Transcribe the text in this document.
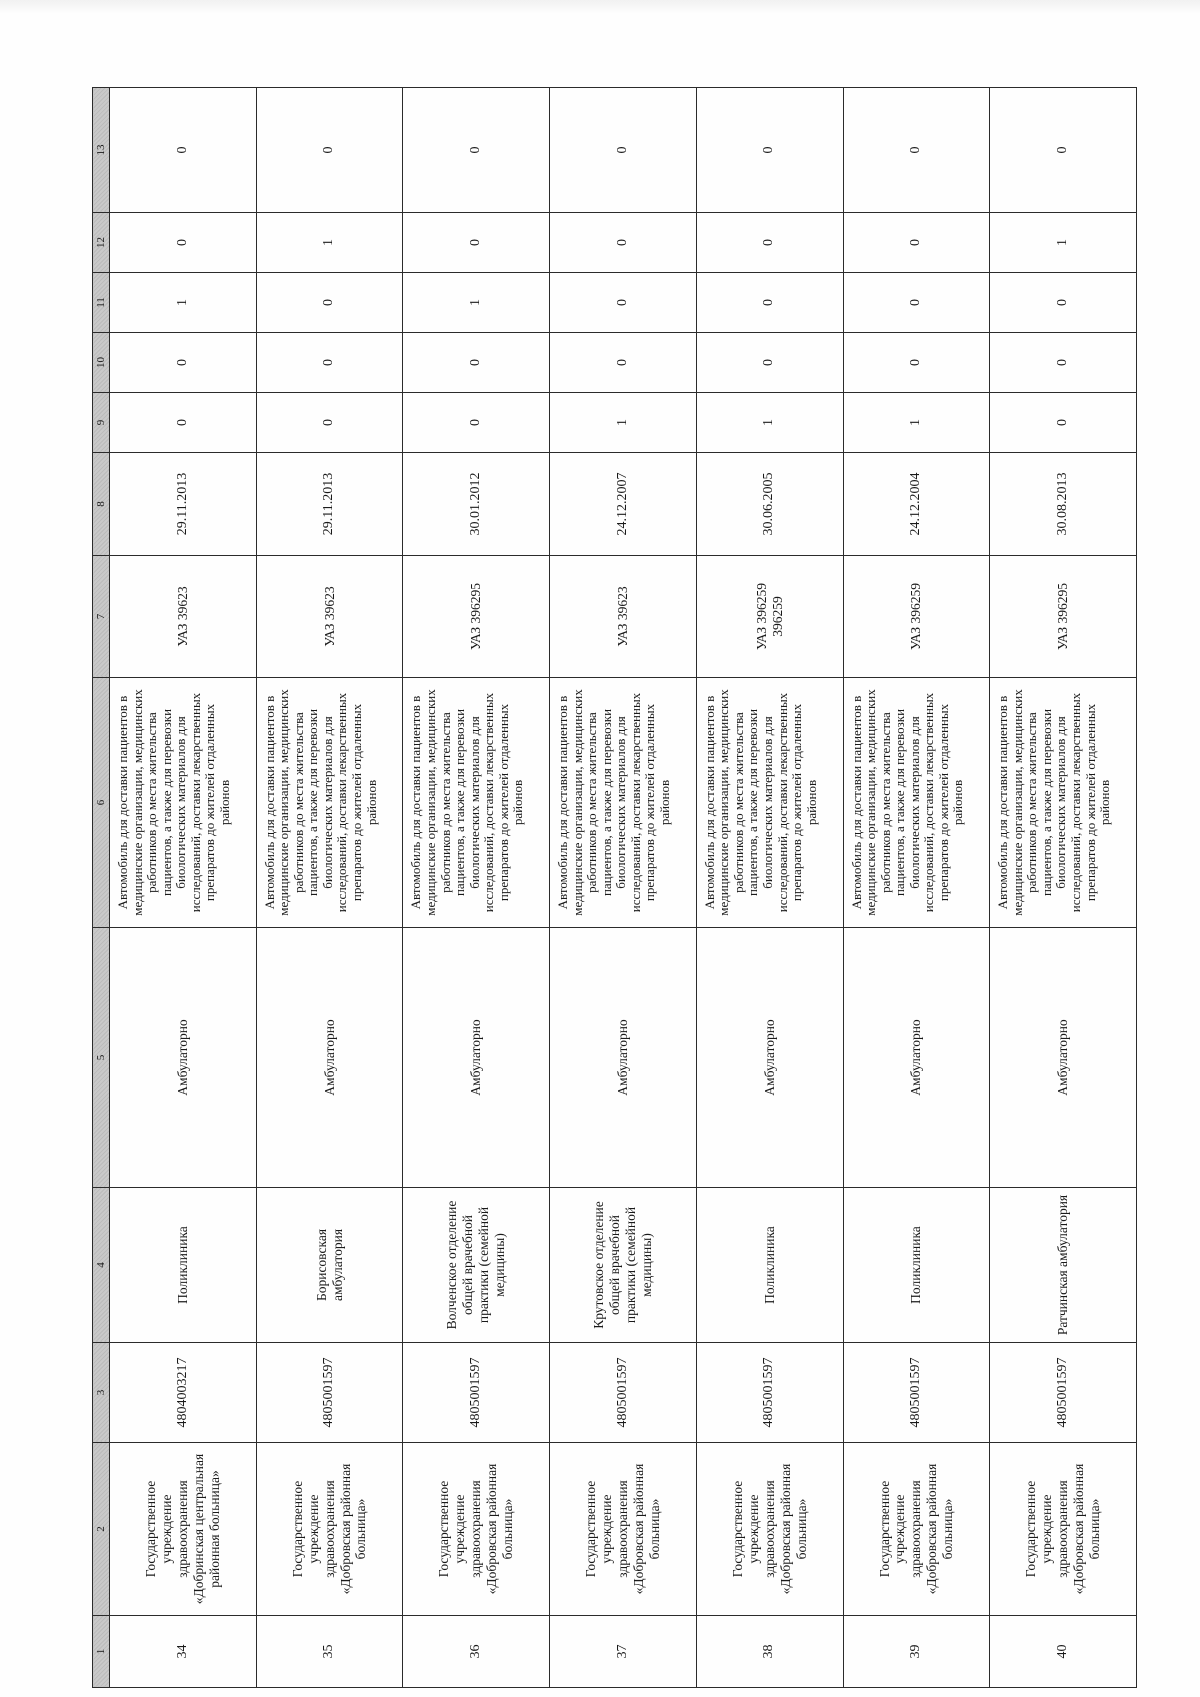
1	2	3	4	5	6	7	8	9	10	11	12	13
34	Государственное учреждение здравоохранения «Добринская центральная районная больница»	4804003217	Поликлиника	Амбулаторно	Автомобиль для доставки пациентов в медицинские организации, медицинских работников до места жительства пациентов, а также для перевозки биологических материалов для исследований, доставки лекарственных препаратов до жителей отдаленных районов	УАЗ 39623	29.11.2013	0	0	1	0	0
35	Государственное учреждение здравоохранения «Добровская районная больница»	4805001597	Борисовская амбулатория	Амбулаторно	Автомобиль для доставки пациентов в медицинские организации, медицинских работников до места жительства пациентов, а также для перевозки биологических материалов для исследований, доставки лекарственных препаратов до жителей отдаленных районов	УАЗ 39623	29.11.2013	0	0	0	1	0
36	Государственное учреждение здравоохранения «Добровская районная больница»	4805001597	Волченское отделение общей врачебной практики (семейной медицины)	Амбулаторно	Автомобиль для доставки пациентов в медицинские организации, медицинских работников до места жительства пациентов, а также для перевозки биологических материалов для исследований, доставки лекарственных препаратов до жителей отдаленных районов	УАЗ 396295	30.01.2012	0	0	1	0	0
37	Государственное учреждение здравоохранения «Добровская районная больница»	4805001597	Крутовское отделение общей врачебной практики (семейной медицины)	Амбулаторно	Автомобиль для доставки пациентов в медицинские организации, медицинских работников до места жительства пациентов, а также для перевозки биологических материалов для исследований, доставки лекарственных препаратов до жителей отдаленных районов	УАЗ 39623	24.12.2007	1	0	0	0	0
38	Государственное учреждение здравоохранения «Добровская районная больница»	4805001597	Поликлиника	Амбулаторно	Автомобиль для доставки пациентов в медицинские организации, медицинских работников до места жительства пациентов, а также для перевозки биологических материалов для исследований, доставки лекарственных препаратов до жителей отдаленных районов	УАЗ 396259 396259	30.06.2005	1	0	0	0	0
39	Государственное учреждение здравоохранения «Добровская районная больница»	4805001597	Поликлиника	Амбулаторно	Автомобиль для доставки пациентов в медицинские организации, медицинских работников до места жительства пациентов, а также для перевозки биологических материалов для исследований, доставки лекарственных препаратов до жителей отдаленных районов	УАЗ 396259	24.12.2004	1	0	0	0	0
40	Государственное учреждение здравоохранения «Добровская районная больница»	4805001597	Ратчинская амбулатория	Амбулаторно	Автомобиль для доставки пациентов в медицинские организации, медицинских работников до места жительства пациентов, а также для перевозки биологических материалов для исследований, доставки лекарственных препаратов до жителей отдаленных районов	УАЗ 396295	30.08.2013	0	0	0	1	0
